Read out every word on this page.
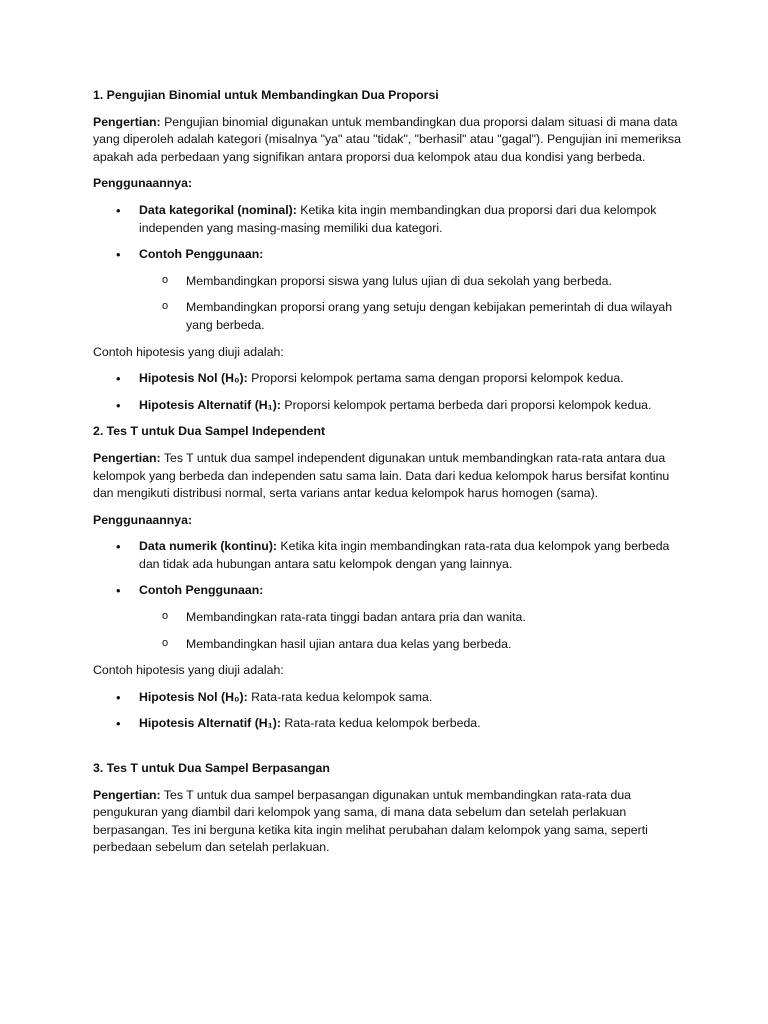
1. Pengujian Binomial untuk Membandingkan Dua Proporsi

Pengertian: Pengujian binomial digunakan untuk membandingkan dua proporsi dalam situasi di mana data yang diperoleh adalah kategori (misalnya "ya" atau "tidak", "berhasil" atau "gagal"). Pengujian ini memeriksa apakah ada perbedaan yang signifikan antara proporsi dua kelompok atau dua kondisi yang berbeda.

Penggunaannya:

• Data kategorikal (nominal): Ketika kita ingin membandingkan dua proporsi dari dua kelompok independen yang masing-masing memiliki dua kategori.
• Contoh Penggunaan:
o Membandingkan proporsi siswa yang lulus ujian di dua sekolah yang berbeda.
o Membandingkan proporsi orang yang setuju dengan kebijakan pemerintah di dua wilayah yang berbeda.

Contoh hipotesis yang diuji adalah:

• Hipotesis Nol (H₀): Proporsi kelompok pertama sama dengan proporsi kelompok kedua.
• Hipotesis Alternatif (H₁): Proporsi kelompok pertama berbeda dari proporsi kelompok kedua.
2. Tes T untuk Dua Sampel Independent

Pengertian: Tes T untuk dua sampel independent digunakan untuk membandingkan rata-rata antara dua kelompok yang berbeda dan independen satu sama lain. Data dari kedua kelompok harus bersifat kontinu dan mengikuti distribusi normal, serta varians antar kedua kelompok harus homogen (sama).

Penggunaannya:

• Data numerik (kontinu): Ketika kita ingin membandingkan rata-rata dua kelompok yang berbeda dan tidak ada hubungan antara satu kelompok dengan yang lainnya.
• Contoh Penggunaan:
o Membandingkan rata-rata tinggi badan antara pria dan wanita.
o Membandingkan hasil ujian antara dua kelas yang berbeda.

Contoh hipotesis yang diuji adalah:

• Hipotesis Nol (H₀): Rata-rata kedua kelompok sama.
• Hipotesis Alternatif (H₁): Rata-rata kedua kelompok berbeda.
3. Tes T untuk Dua Sampel Berpasangan

Pengertian: Tes T untuk dua sampel berpasangan digunakan untuk membandingkan rata-rata dua pengukuran yang diambil dari kelompok yang sama, di mana data sebelum dan setelah perlakuan berpasangan. Tes ini berguna ketika kita ingin melihat perubahan dalam kelompok yang sama, seperti perbedaan sebelum dan setelah perlakuan.
